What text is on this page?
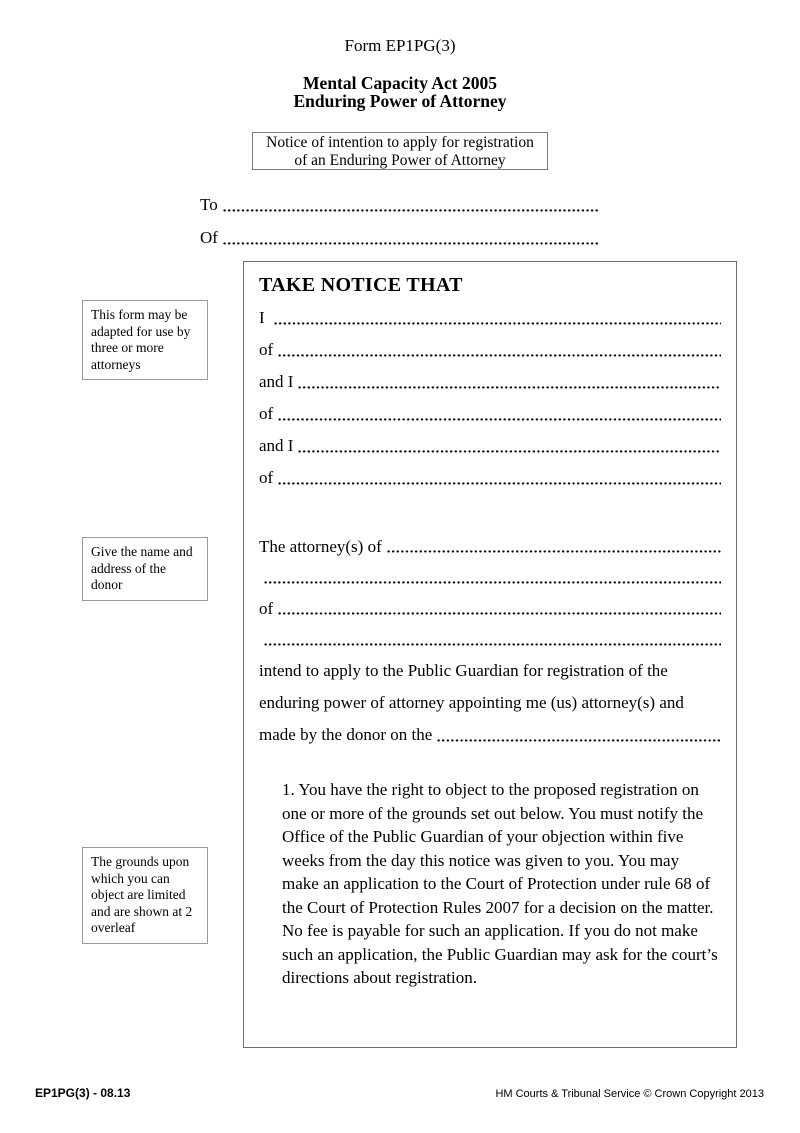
Form EP1PG(3)
Mental Capacity Act 2005
Enduring Power of Attorney
Notice of intention to apply for registration
of an Enduring Power of Attorney
To
Of
This form may be adapted for use by three or more attorneys
Give the name and address of the donor
The grounds upon which you can object are limited and are shown at 2 overleaf
TAKE NOTICE THAT
I
of
and I
of
and I
of
The attorney(s) of
of
intend to apply to the Public Guardian for registration of the
enduring power of attorney appointing me (us) attorney(s) and
made by the donor on the

1. You have the right to object to the proposed registration on one or more of the grounds set out below. You must notify the Office of the Public Guardian of your objection within five weeks from the day this notice was given to you. You may make an application to the Court of Protection under rule 68 of the Court of Protection Rules 2007 for a decision on the matter. No fee is payable for such an application. If you do not make such an application, the Public Guardian may ask for the court’s directions about registration.

EP1PG(3) - 08.13	HM Courts & Tribunal Service © Crown Copyright 2013
